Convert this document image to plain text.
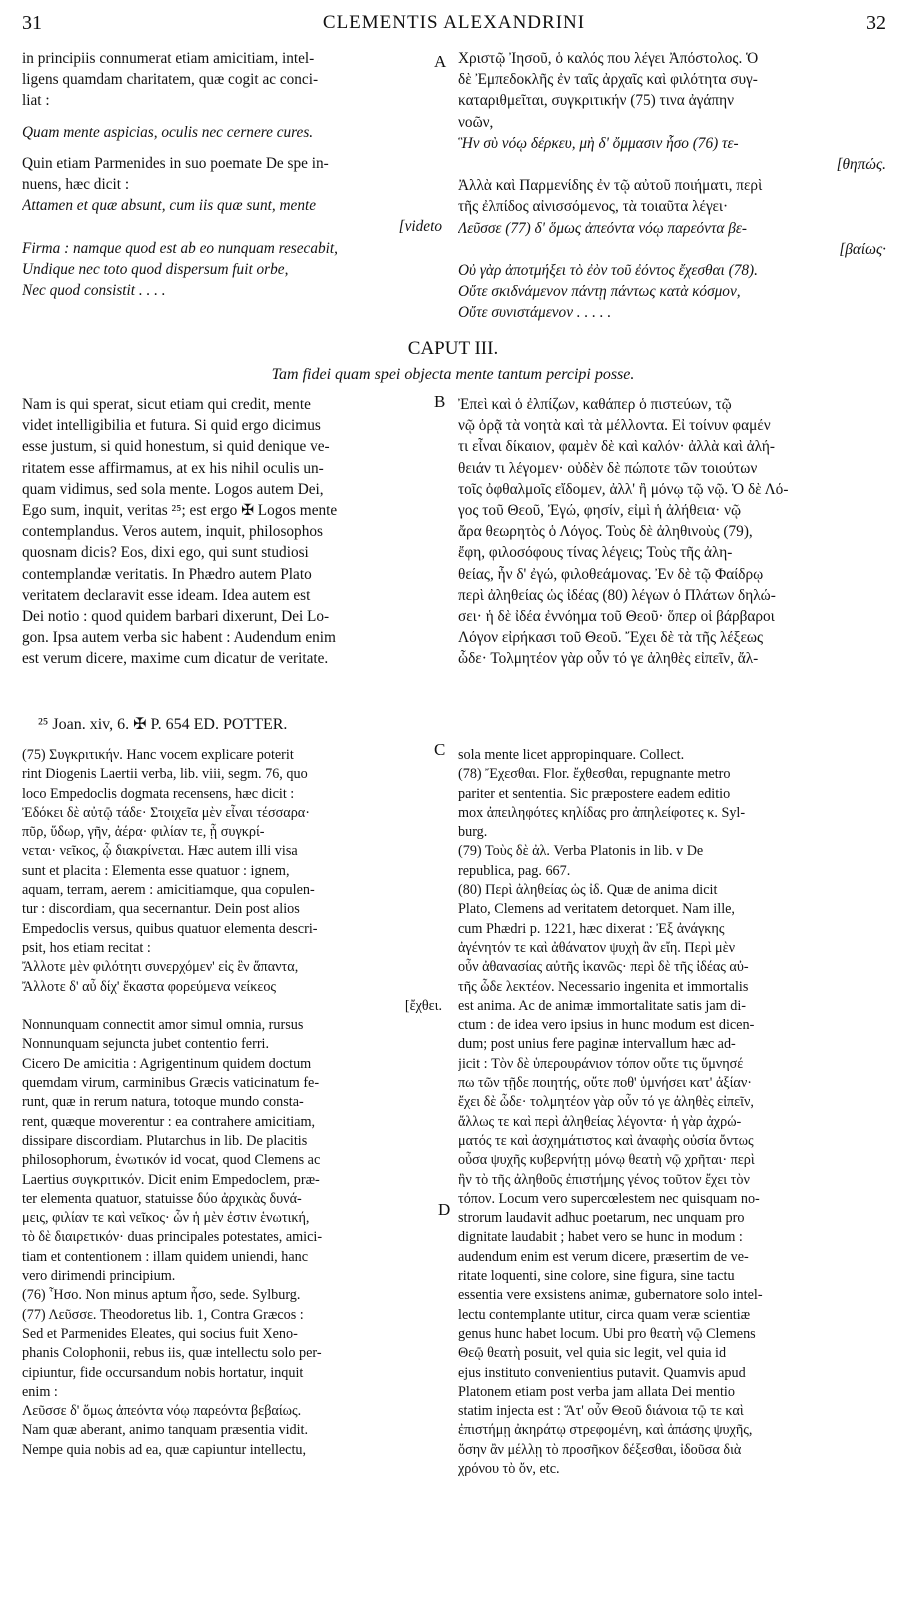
31	CLEMENTIS ALEXANDRINI	32
A
B
C
D
in principiis connumerat etiam amicitiam, intel-
ligens quamdam charitatem, quæ cogit ac conci-
liat :
Quam mente aspicias, oculis nec cernere cures.
Quin etiam Parmenides in suo poemate De spe in-
nuens, hæc dicit :
Attamen et quæ absunt, cum iis quæ sunt, mente
[videto
Firma : namque quod est ab eo nunquam resecabit,
Undique nec toto quod dispersum fuit orbe,
Nec quod consistit . . . .
Χριστῷ Ἰησοῦ, ὁ καλός που λέγει Ἀπόστολος. Ὁ
δὲ Ἐμπεδοκλῆς ἐν ταῖς ἀρχαῖς καὶ φιλότητα συγ-
καταριθμεῖται, συγκριτικήν (75) τινα ἀγάπην
νοῶν,
Ἣν σὺ νόῳ δέρκευ, μὴ δ' ὄμμασιν ἧσο (76) τε-
[θηπώς.
Ἀλλὰ καὶ Παρμενίδης ἐν τῷ αὐτοῦ ποιήματι, περὶ
τῆς ἐλπίδος αἰνισσόμενος, τὰ τοιαῦτα λέγει·
Λεῦσσε (77) δ' ὅμως ἀπεόντα νόῳ παρεόντα βε-
[βαίως·
Οὐ γὰρ ἀποτμήξει τὸ ἐὸν τοῦ ἐόντος ἔχεσθαι (78).
Οὔτε σκιδνάμενον πάντῃ πάντως κατὰ κόσμον,
Οὔτε συνιστάμενον . . . . .
CAPUT III.
Tam fidei quam spei objecta mente tantum percipi posse.
Nam is qui sperat, sicut etiam qui credit, mente
videt intelligibilia et futura. Si quid ergo dicimus
esse justum, si quid honestum, si quid denique ve-
ritatem esse affirmamus, at ex his nihil oculis un-
quam vidimus, sed sola mente. Logos autem Dei,
Ego sum, inquit, veritas ²⁵; est ergo ✠ Logos mente
contemplandus. Veros autem, inquit, philosophos
quosnam dicis? Eos, dixi ego, qui sunt studiosi
contemplandæ veritatis. In Phædro autem Plato
veritatem declaravit esse ideam. Idea autem est
Dei notio : quod quidem barbari dixerunt, Dei Lo-
gon. Ipsa autem verba sic habent : Audendum enim
est verum dicere, maxime cum dicatur de veritate.
Ἐπεὶ καὶ ὁ ἐλπίζων, καθάπερ ὁ πιστεύων, τῷ
νῷ ὁρᾷ τὰ νοητὰ καὶ τὰ μέλλοντα. Εἰ τοίνυν φαμέν
τι εἶναι δίκαιον, φαμὲν δὲ καὶ καλόν· ἀλλὰ καὶ ἀλή-
θειάν τι λέγομεν· οὐδὲν δὲ πώποτε τῶν τοιούτων
τοῖς ὀφθαλμοῖς εἴδομεν, ἀλλ' ἢ μόνῳ τῷ νῷ. Ὁ δὲ Λό-
γος τοῦ Θεοῦ, Ἐγώ, φησίν, εἰμὶ ἡ ἀλήθεια· νῷ
ἄρα θεωρητὸς ὁ Λόγος. Τοὺς δὲ ἀληθινοὺς (79),
ἔφη, φιλοσόφους τίνας λέγεις; Τοὺς τῆς ἀλη-
θείας, ἦν δ' ἐγώ, φιλοθεάμονας. Ἐν δὲ τῷ Φαίδρῳ
περὶ ἀληθείας ὡς ἰδέας (80) λέγων ὁ Πλάτων δηλώ-
σει· ἡ δὲ ἰδέα ἐννόημα τοῦ Θεοῦ· ὅπερ οἱ βάρβαροι
Λόγον εἰρήκασι τοῦ Θεοῦ. Ἔχει δὲ τὰ τῆς λέξεως
ὧδε· Τολμητέον γὰρ οὖν τό γε ἀληθὲς εἰπεῖν, ἄλ-
²⁵ Joan. xiv, 6. ✠ P. 654 ED. POTTER.
(75) Συγκριτικήν. Hanc vocem explicare poterit
rint Diogenis Laertii verba, lib. viii, segm. 76, quo
loco Empedoclis dogmata recensens, hæc dicit :
Ἐδόκει δὲ αὐτῷ τάδε· Στοιχεῖα μὲν εἶναι τέσσαρα·
πῦρ, ὕδωρ, γῆν, ἀέρα· φιλίαν τε, ᾗ συγκρί-
νεται· νεῖκος, ᾧ διακρίνεται. Hæc autem illi visa
sunt et placita : Elementa esse quatuor : ignem,
aquam, terram, aerem : amicitiamque, qua copulen-
tur : discordiam, qua secernantur. Dein post alios
Empedoclis versus, quibus quatuor elementa descri-
psit, hos etiam recitat :
Ἄλλοτε μὲν φιλότητι συνερχόμεν' εἰς ἓν ἅπαντα,
Ἄλλοτε δ' αὖ δίχ' ἕκαστα φορεύμενα νείκεος
[ἔχθει.
Nonnunquam connectit amor simul omnia, rursus
Nonnunquam sejuncta jubet contentio ferri.
Cicero De amicitia : Agrigentinum quidem doctum
quemdam virum, carminibus Græcis vaticinatum fe-
runt, quæ in rerum natura, totoque mundo consta-
rent, quæque moverentur : ea contrahere amicitiam,
dissipare discordiam. Plutarchus in lib. De placitis
philosophorum, ἑνωτικόν id vocat, quod Clemens ac
Laertius συγκριτικόν. Dicit enim Empedoclem, præ-
ter elementa quatuor, statuisse δύο ἀρχικὰς δυνά-
μεις, φιλίαν τε καὶ νεῖκος· ὧν ἡ μὲν ἐστιν ἑνωτική,
τὸ δὲ διαιρετικόν· duas principales potestates, amici-
tiam et contentionem : illam quidem uniendi, hanc
vero dirimendi principium.
(76) Ἧσο. Non minus aptum ἧσο, sede. Sylburg.
(77) Λεῦσσε. Theodoretus lib. 1, Contra Græcos :
Sed et Parmenides Eleates, qui socius fuit Xeno-
phanis Colophonii, rebus iis, quæ intellectu solo per-
cipiuntur, fide occursandum nobis hortatur, inquit
enim :
Λεῦσσε δ' ὅμως ἀπεόντα νόῳ παρεόντα βεβαίως.
Nam quæ aberant, animo tanquam præsentia vidit.
Nempe quia nobis ad ea, quæ capiuntur intellectu,
sola mente licet appropinquare. Collect.
(78) Ἔχεσθαι. Flor. ἔχθεσθαι, repugnante metro
pariter et sententia. Sic præpostere eadem editio
mox ἀπειληφότες κηλίδας pro ἀπηλείφοτες κ. Syl-
burg.
(79) Τοὺς δὲ ἀλ. Verba Platonis in lib. v De
republica, pag. 667.
(80) Περὶ ἀληθείας ὡς ἰδ. Quæ de anima dicit
Plato, Clemens ad veritatem detorquet. Nam ille,
cum Phædri p. 1221, hæc dixerat : Ἐξ ἀνάγκης
ἀγένητόν τε καὶ ἀθάνατον ψυχὴ ἂν εἴη. Περὶ μὲν
οὖν ἀθανασίας αὐτῆς ἱκανῶς· περὶ δὲ τῆς ἰδέας αὐ-
τῆς ὧδε λεκτέον. Necessario ingenita et immortalis
est anima. Ac de animæ immortalitate satis jam di-
ctum : de idea vero ipsius in hunc modum est dicen-
dum; post unius fere paginæ intervallum hæc ad-
jicit : Τὸν δὲ ὑπερουράνιον τόπον οὔτε τις ὕμνησέ
πω τῶν τῇδε ποιητής, οὔτε ποθ' ὑμνήσει κατ' ἀξίαν·
ἔχει δὲ ὧδε· τολμητέον γὰρ οὖν τό γε ἀληθὲς εἰπεῖν,
ἄλλως τε καὶ περὶ ἀληθείας λέγοντα· ἡ γὰρ ἀχρώ-
ματός τε καὶ ἀσχημάτιστος καὶ ἀναφὴς οὐσία ὄντως
οὖσα ψυχῆς κυβερνήτῃ μόνῳ θεατὴ νῷ χρῆται· περὶ
ἣν τὸ τῆς ἀληθοῦς ἐπιστήμης γένος τοῦτον ἔχει τὸν
τόπον. Locum vero supercœlestem nec quisquam no-
strorum laudavit adhuc poetarum, nec unquam pro
dignitate laudabit ; habet vero se hunc in modum :
audendum enim est verum dicere, præsertim de ve-
ritate loquenti, sine colore, sine figura, sine tactu
essentia vere exsistens animæ, gubernatore solo intel-
lectu contemplante utitur, circa quam veræ scientiæ
genus hunc habet locum. Ubi pro θεατὴ νῷ Clemens
Θεῷ θεατὴ posuit, vel quia sic legit, vel quia id
ejus instituto convenientius putavit. Quamvis apud
Platonem etiam post verba jam allata Dei mentio
statim injecta est : Ἅτ' οὖν Θεοῦ διάνοια τῷ τε καὶ
ἐπιστήμῃ ἀκηράτῳ στρεφομένη, καὶ ἁπάσης ψυχῆς,
ὅσην ἂν μέλλῃ τὸ προσῆκον δέξεσθαι, ἰδοῦσα διὰ
χρόνου τὸ ὄν, etc.
